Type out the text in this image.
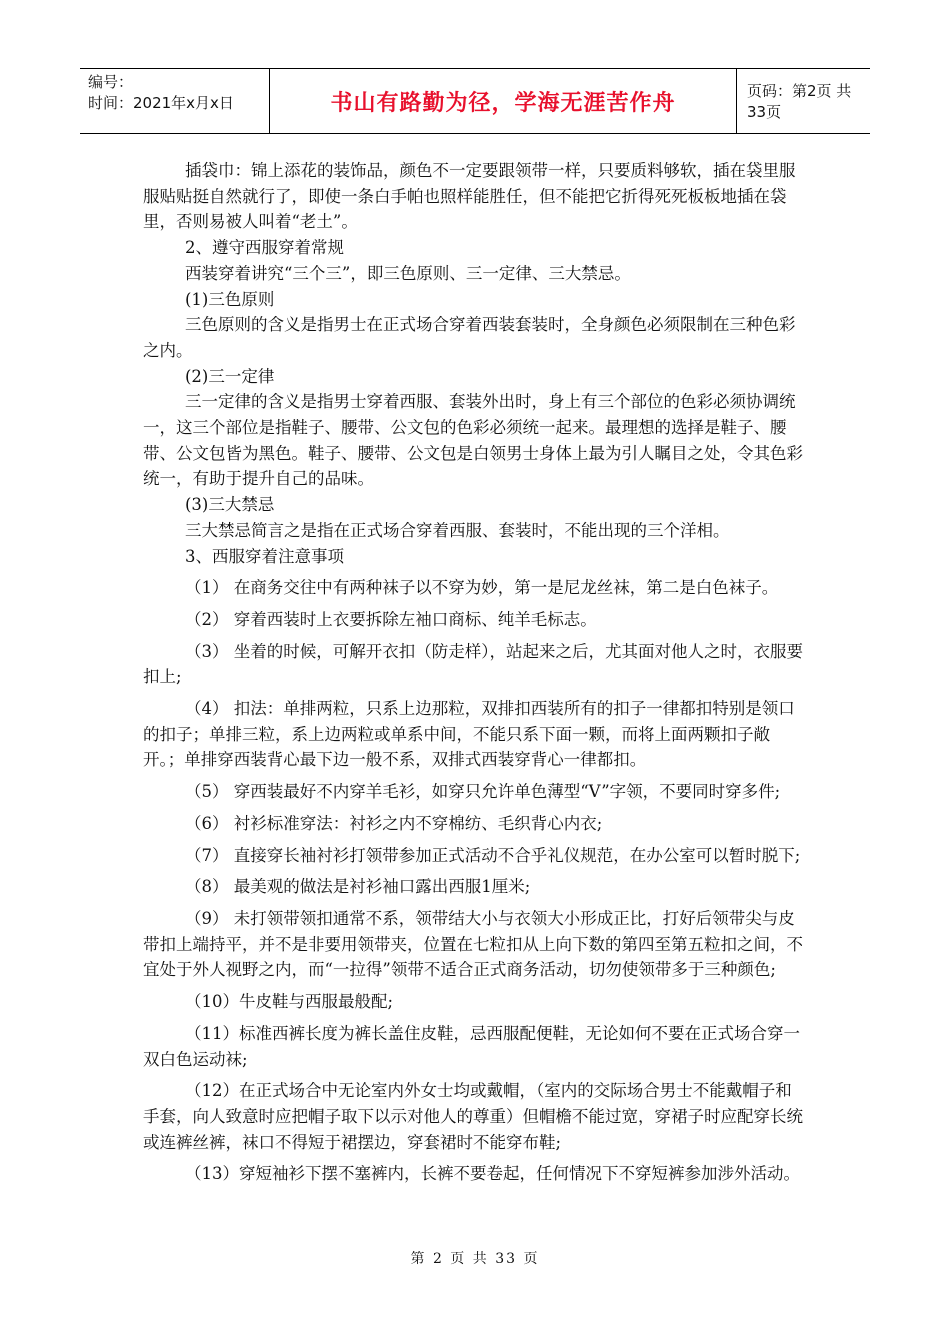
编号：
时间：2021年x月x日	书山有路勤为径，学海无涯苦作舟	页码：第2页 共33页

插袋巾：锦上添花的装饰品，颜色不一定要跟领带一样，只要质料够软，插在袋里服服贴贴挺自然就行了，即使一条白手帕也照样能胜任，但不能把它折得死死板板地插在袋里，否则易被人叫着“老土”。

2、遵守西服穿着常规

西装穿着讲究“三个三”，即三色原则、三一定律、三大禁忌。

(1)三色原则

三色原则的含义是指男士在正式场合穿着西装套装时，全身颜色必须限制在三种色彩之内。

(2)三一定律

三一定律的含义是指男士穿着西服、套装外出时，身上有三个部位的色彩必须协调统一，这三个部位是指鞋子、腰带、公文包的色彩必须统一起来。最理想的选择是鞋子、腰带、公文包皆为黑色。鞋子、腰带、公文包是白领男士身体上最为引人瞩目之处，令其色彩统一，有助于提升自己的品味。

(3)三大禁忌

三大禁忌简言之是指在正式场合穿着西服、套装时，不能出现的三个洋相。

3、西服穿着注意事项

（1） 在商务交往中有两种袜子以不穿为妙，第一是尼龙丝袜，第二是白色袜子。

（2） 穿着西装时上衣要拆除左袖口商标、纯羊毛标志。

（3） 坐着的时候，可解开衣扣（防走样），站起来之后，尤其面对他人之时，衣服要扣上;

（4） 扣法：单排两粒，只系上边那粒，双排扣西装所有的扣子一律都扣特别是领口的扣子；单排三粒，系上边两粒或单系中间，不能只系下面一颗，而将上面两颗扣子敞开。；单排穿西装背心最下边一般不系，双排式西装穿背心一律都扣。

（5） 穿西装最好不内穿羊毛衫，如穿只允许单色薄型“V”字领，不要同时穿多件;

（6） 衬衫标准穿法：衬衫之内不穿棉纺、毛织背心内衣;

（7） 直接穿长袖衬衫打领带参加正式活动不合乎礼仪规范，在办公室可以暂时脱下;

（8） 最美观的做法是衬衫袖口露出西服1厘米;

（9） 未打领带领扣通常不系，领带结大小与衣领大小形成正比，打好后领带尖与皮带扣上端持平，并不是非要用领带夹，位置在七粒扣从上向下数的第四至第五粒扣之间，不宜处于外人视野之内，而“一拉得”领带不适合正式商务活动，切勿使领带多于三种颜色;

（10）牛皮鞋与西服最般配;

（11）标准西裤长度为裤长盖住皮鞋，忌西服配便鞋，无论如何不要在正式场合穿一双白色运动袜;

（12）在正式场合中无论室内外女士均或戴帽，（室内的交际场合男士不能戴帽子和手套，向人致意时应把帽子取下以示对他人的尊重）但帽檐不能过宽，穿裙子时应配穿长统或连裤丝裤，袜口不得短于裙摆边，穿套裙时不能穿布鞋;

（13）穿短袖衫下摆不塞裤内，长裤不要卷起，任何情况下不穿短裤参加涉外活动。

第 2 页 共 33 页
